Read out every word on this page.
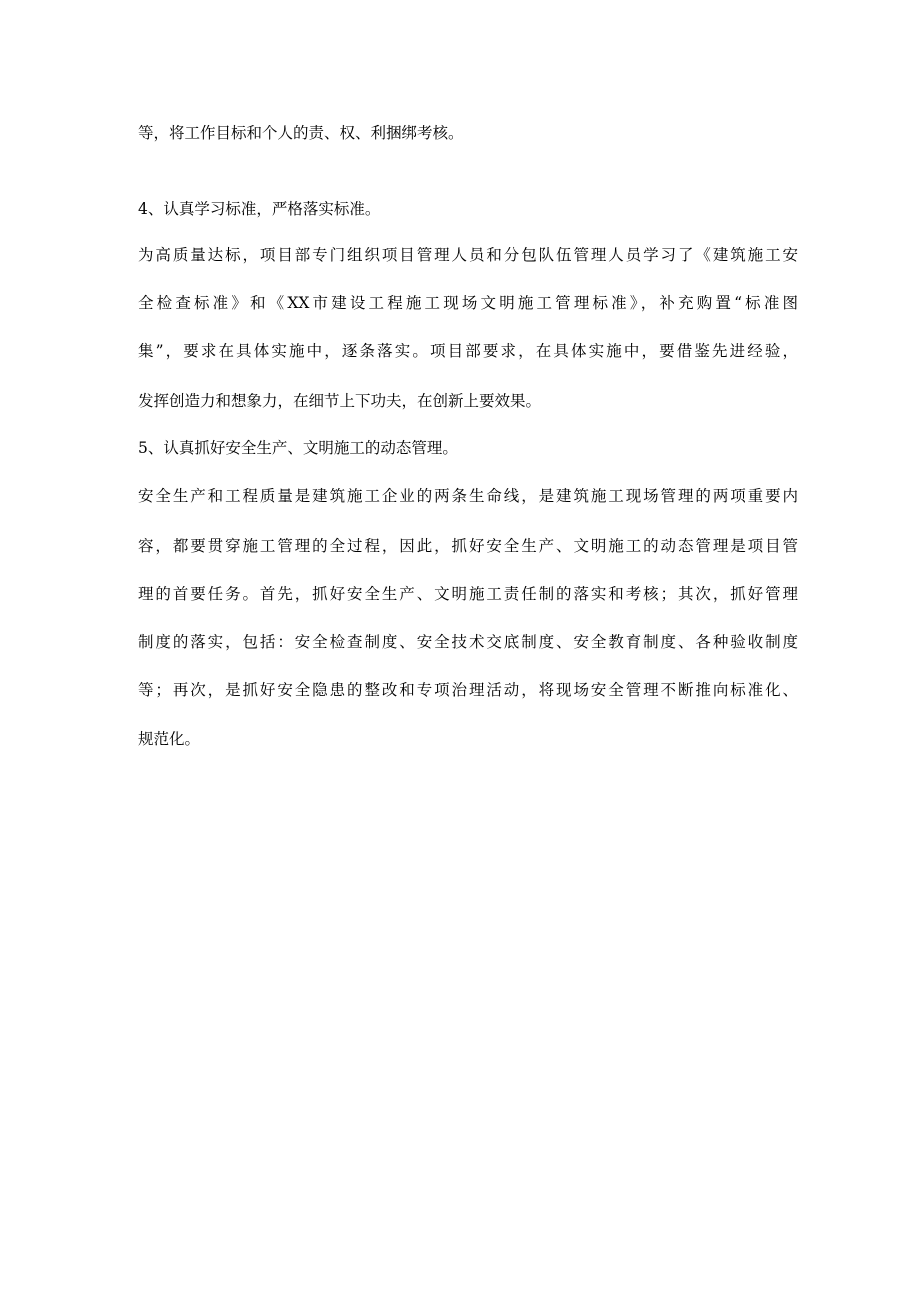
等，将工作目标和个人的责、权、利捆绑考核。
4、认真学习标准，严格落实标准。
为高质量达标，项目部专门组织项目管理人员和分包队伍管理人员学习了《建筑施工安
全检查标准》和《XX市建设工程施工现场文明施工管理标准》，补充购置“标准图
集”，要求在具体实施中，逐条落实。项目部要求，在具体实施中，要借鉴先进经验，
发挥创造力和想象力，在细节上下功夫，在创新上要效果。
5、认真抓好安全生产、文明施工的动态管理。
安全生产和工程质量是建筑施工企业的两条生命线，是建筑施工现场管理的两项重要内
容，都要贯穿施工管理的全过程，因此，抓好安全生产、文明施工的动态管理是项目管
理的首要任务。首先，抓好安全生产、文明施工责任制的落实和考核；其次，抓好管理
制度的落实，包括：安全检查制度、安全技术交底制度、安全教育制度、各种验收制度
等；再次，是抓好安全隐患的整改和专项治理活动，将现场安全管理不断推向标准化、
规范化。
